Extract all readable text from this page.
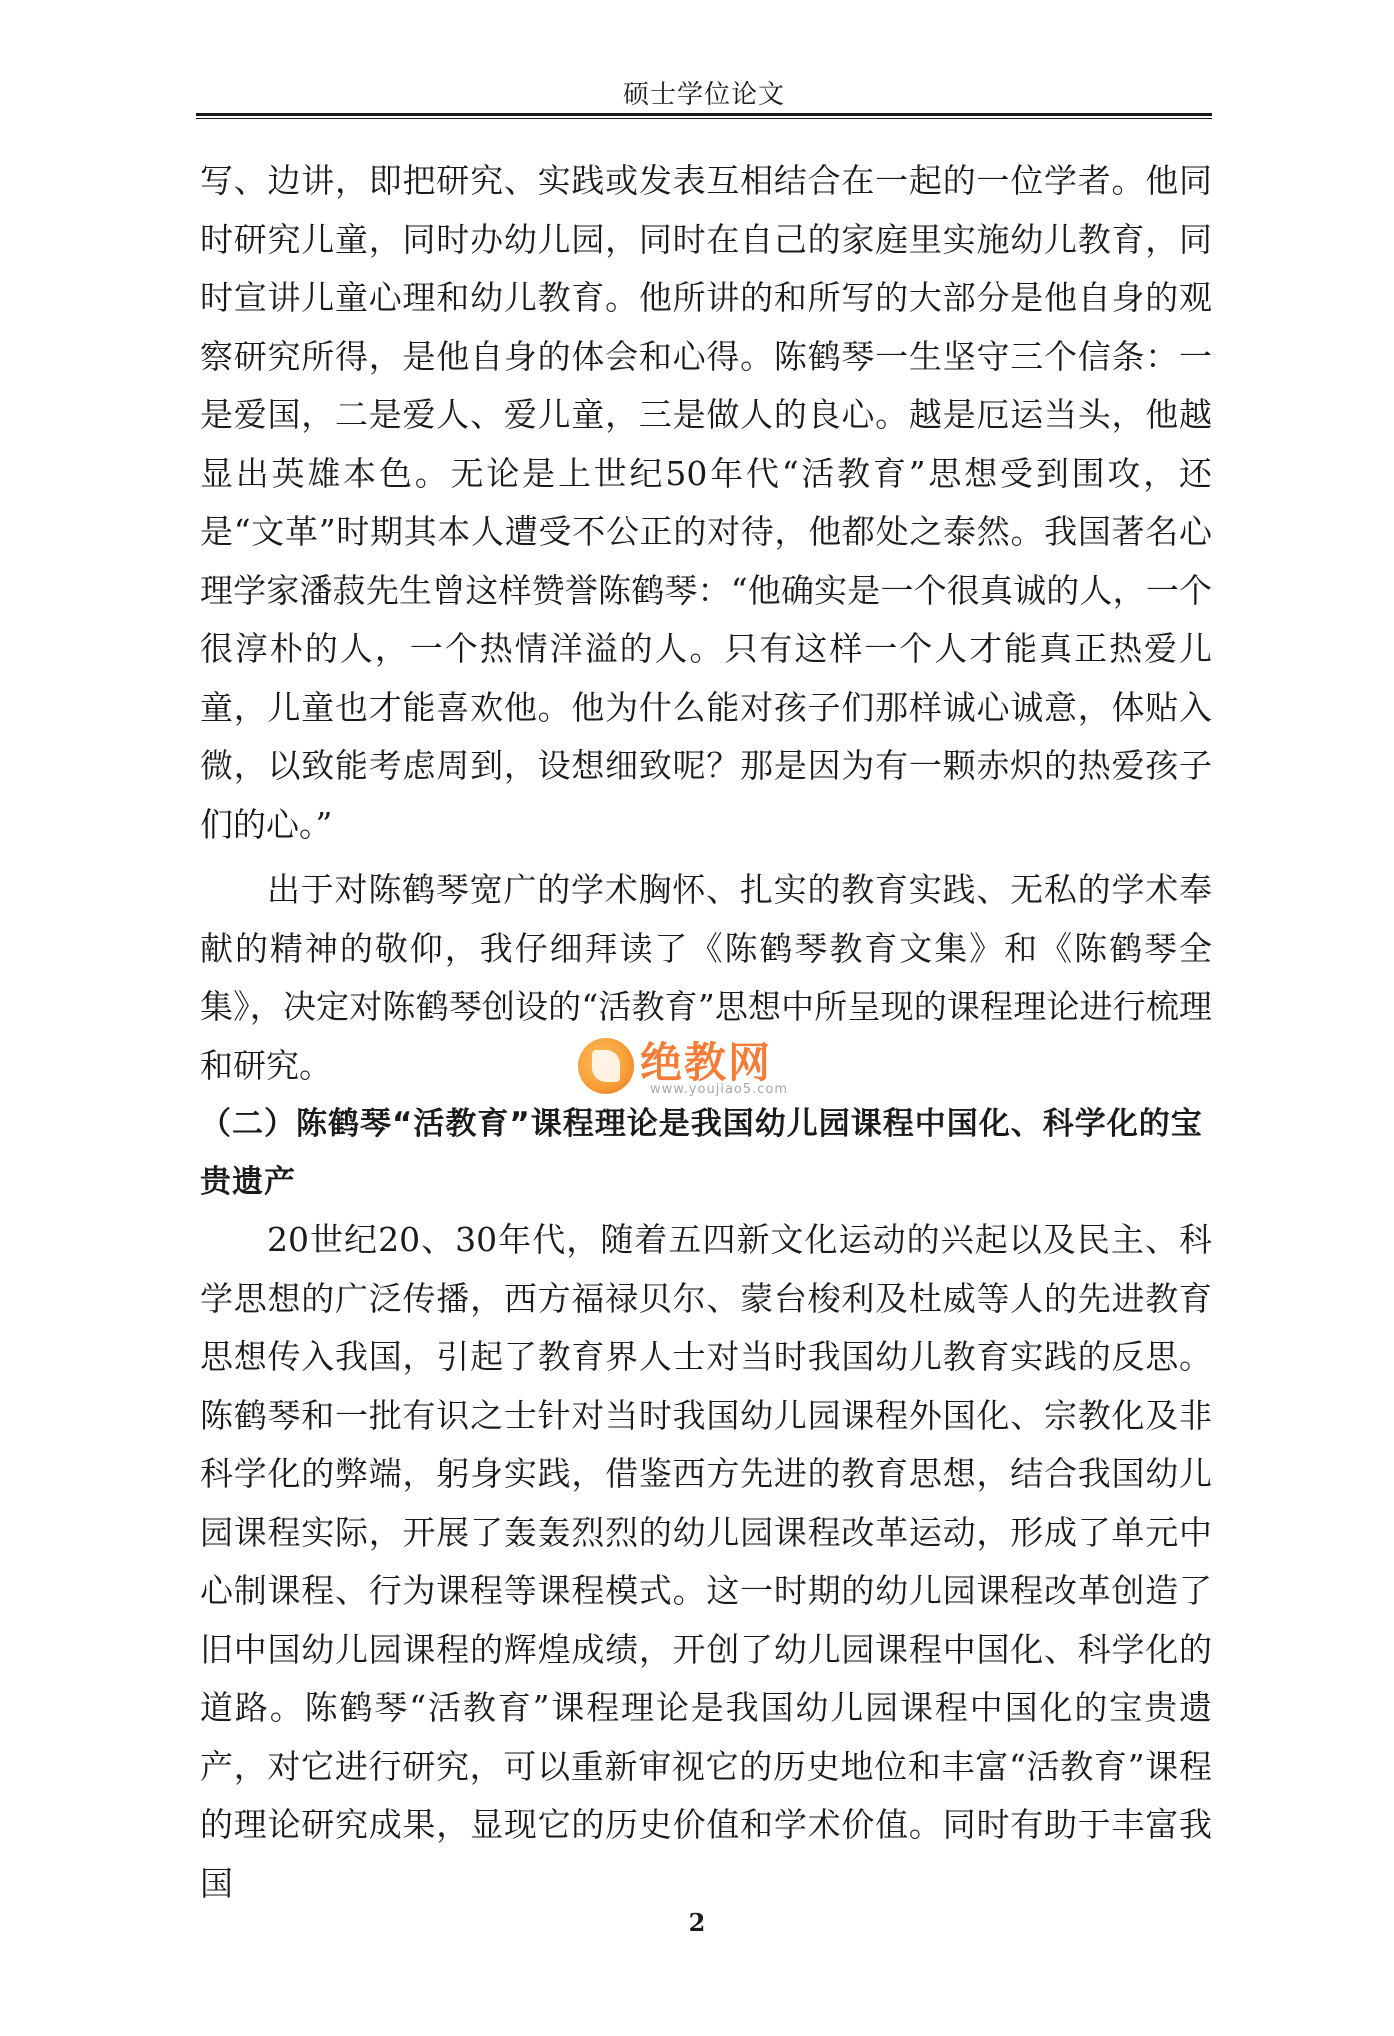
硕士学位论文

写、边讲，即把研究、实践或发表互相结合在一起的一位学者。他同时研究儿童，同时办幼儿园，同时在自己的家庭里实施幼儿教育，同时宣讲儿童心理和幼儿教育。他所讲的和所写的大部分是他自身的观察研究所得，是他自身的体会和心得。陈鹤琴一生坚守三个信条：一是爱国，二是爱人、爱儿童，三是做人的良心。越是厄运当头，他越显出英雄本色。无论是上世纪50年代“活教育”思想受到围攻，还是“文革”时期其本人遭受不公正的对待，他都处之泰然。我国著名心理学家潘菽先生曾这样赞誉陈鹤琴：“他确实是一个很真诚的人，一个很淳朴的人，一个热情洋溢的人。只有这样一个人才能真正热爱儿童，儿童也才能喜欢他。他为什么能对孩子们那样诚心诚意，体贴入微，以致能考虑周到，设想细致呢？那是因为有一颗赤炽的热爱孩子们的心。”

出于对陈鹤琴宽广的学术胸怀、扎实的教育实践、无私的学术奉献的精神的敬仰，我仔细拜读了《陈鹤琴教育文集》和《陈鹤琴全集》，决定对陈鹤琴创设的“活教育”思想中所呈现的课程理论进行梳理和研究。

（二）陈鹤琴“活教育”课程理论是我国幼儿园课程中国化、科学化的宝贵遗产

20世纪20、30年代，随着五四新文化运动的兴起以及民主、科学思想的广泛传播，西方福禄贝尔、蒙台梭利及杜威等人的先进教育思想传入我国，引起了教育界人士对当时我国幼儿教育实践的反思。陈鹤琴和一批有识之士针对当时我国幼儿园课程外国化、宗教化及非科学化的弊端，躬身实践，借鉴西方先进的教育思想，结合我国幼儿园课程实际，开展了轰轰烈烈的幼儿园课程改革运动，形成了单元中心制课程、行为课程等课程模式。这一时期的幼儿园课程改革创造了旧中国幼儿园课程的辉煌成绩，开创了幼儿园课程中国化、科学化的道路。陈鹤琴“活教育”课程理论是我国幼儿园课程中国化的宝贵遗产，对它进行研究，可以重新审视它的历史地位和丰富“活教育”课程的理论研究成果，显现它的历史价值和学术价值。同时有助于丰富我国

绝教网
www.youjiao5.com
2
